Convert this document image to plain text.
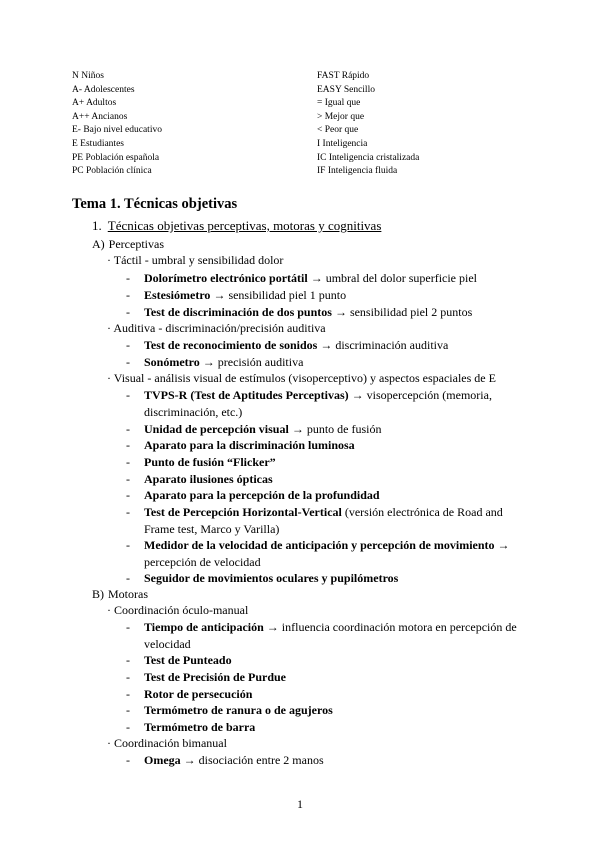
N Niños
A- Adolescentes
A+ Adultos
A++ Ancianos
E- Bajo nivel educativo
E Estudiantes
PE Población española
PC Población clínica
FAST Rápido
EASY Sencillo
= Igual que
> Mejor que
< Peor que
I Inteligencia
IC Inteligencia cristalizada
IF Inteligencia fluida
Tema 1. Técnicas objetivas
1. Técnicas objetivas perceptivas, motoras y cognitivas
A) Perceptivas
· Táctil - umbral y sensibilidad dolor
- Dolorímetro electrónico portátil → umbral del dolor superficie piel
- Estesiómetro → sensibilidad piel 1 punto
- Test de discriminación de dos puntos → sensibilidad piel 2 puntos
· Auditiva - discriminación/precisión auditiva
- Test de reconocimiento de sonidos → discriminación auditiva
- Sonómetro → precisión auditiva
· Visual - análisis visual de estímulos (visoperceptivo) y aspectos espaciales de E
- TVPS-R (Test de Aptitudes Perceptivas) → visopercepción (memoria, discriminación, etc.)
- Unidad de percepción visual → punto de fusión
- Aparato para la discriminación luminosa
- Punto de fusión “Flicker”
- Aparato ilusiones ópticas
- Aparato para la percepción de la profundidad
- Test de Percepción Horizontal-Vertical (versión electrónica de Road and Frame test, Marco y Varilla)
- Medidor de la velocidad de anticipación y percepción de movimiento → percepción de velocidad
- Seguidor de movimientos oculares y pupilómetros
B) Motoras
· Coordinación óculo-manual
- Tiempo de anticipación → influencia coordinación motora en percepción de velocidad
- Test de Punteado
- Test de Precisión de Purdue
- Rotor de persecución
- Termómetro de ranura o de agujeros
- Termómetro de barra
· Coordinación bimanual
- Omega → disociación entre 2 manos
1
